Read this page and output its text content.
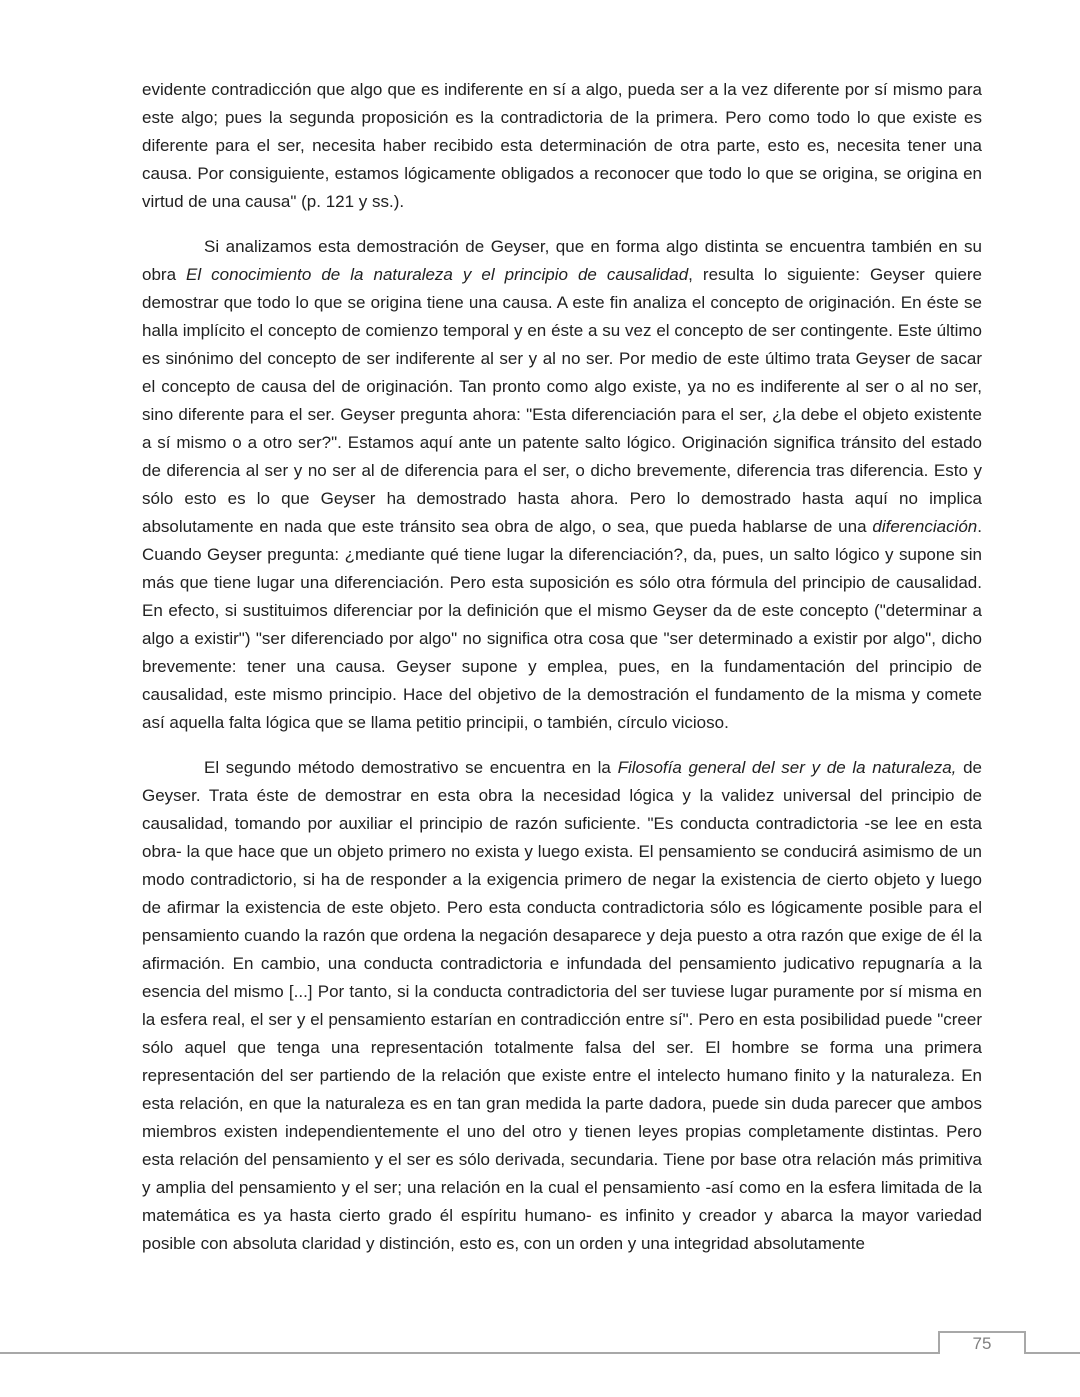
evidente contradicción que algo que es indiferente en sí a algo, pueda ser a la vez diferente por sí mismo para este algo; pues la segunda proposición es la contradictoria de la primera. Pero como todo lo que existe es diferente para el ser, necesita haber recibido esta determinación de otra parte, esto es, necesita tener una causa. Por consiguiente, estamos lógicamente obligados a reconocer que todo lo que se origina, se origina en virtud de una causa" (p. 121 y ss.).

Si analizamos esta demostración de Geyser, que en forma algo distinta se encuentra también en su obra El conocimiento de la naturaleza y el principio de causalidad, resulta lo siguiente: Geyser quiere demostrar que todo lo que se origina tiene una causa. A este fin analiza el concepto de originación. En éste se halla implícito el concepto de comienzo temporal y en éste a su vez el concepto de ser contingente. Este último es sinónimo del concepto de ser indiferente al ser y al no ser. Por medio de este último trata Geyser de sacar el concepto de causa del de originación. Tan pronto como algo existe, ya no es indiferente al ser o al no ser, sino diferente para el ser. Geyser pregunta ahora: "Esta diferenciación para el ser, ¿la debe el objeto existente a sí mismo o a otro ser?". Estamos aquí ante un patente salto lógico. Originación significa tránsito del estado de diferencia al ser y no ser al de diferencia para el ser, o dicho brevemente, diferencia tras diferencia. Esto y sólo esto es lo que Geyser ha demostrado hasta ahora. Pero lo demostrado hasta aquí no implica absolutamente en nada que este tránsito sea obra de algo, o sea, que pueda hablarse de una diferenciación. Cuando Geyser pregunta: ¿mediante qué tiene lugar la diferenciación?, da, pues, un salto lógico y supone sin más que tiene lugar una diferenciación. Pero esta suposición es sólo otra fórmula del principio de causalidad. En efecto, si sustituimos diferenciar por la definición que el mismo Geyser da de este concepto ("determinar a algo a existir") "ser diferenciado por algo" no significa otra cosa que "ser determinado a existir por algo", dicho brevemente: tener una causa. Geyser supone y emplea, pues, en la fundamentación del principio de causalidad, este mismo principio. Hace del objetivo de la demostración el fundamento de la misma y comete así aquella falta lógica que se llama petitio principii, o también, círculo vicioso.

El segundo método demostrativo se encuentra en la Filosofía general del ser y de la naturaleza, de Geyser. Trata éste de demostrar en esta obra la necesidad lógica y la validez universal del principio de causalidad, tomando por auxiliar el principio de razón suficiente. "Es conducta contradictoria -se lee en esta obra- la que hace que un objeto primero no exista y luego exista. El pensamiento se conducirá asimismo de un modo contradictorio, si ha de responder a la exigencia primero de negar la existencia de cierto objeto y luego de afirmar la existencia de este objeto. Pero esta conducta contradictoria sólo es lógicamente posible para el pensamiento cuando la razón que ordena la negación desaparece y deja puesto a otra razón que exige de él la afirmación. En cambio, una conducta contradictoria e infundada del pensamiento judicativo repugnaría a la esencia del mismo [...] Por tanto, si la conducta contradictoria del ser tuviese lugar puramente por sí misma en la esfera real, el ser y el pensamiento estarían en contradicción entre sí". Pero en esta posibilidad puede "creer sólo aquel que tenga una representación totalmente falsa del ser. El hombre se forma una primera representación del ser partiendo de la relación que existe entre el intelecto humano finito y la naturaleza. En esta relación, en que la naturaleza es en tan gran medida la parte dadora, puede sin duda parecer que ambos miembros existen independientemente el uno del otro y tienen leyes propias completamente distintas. Pero esta relación del pensamiento y el ser es sólo derivada, secundaria. Tiene por base otra relación más primitiva y amplia del pensamiento y el ser; una relación en la cual el pensamiento -así como en la esfera limitada de la matemática es ya hasta cierto grado él espíritu humano- es infinito y creador y abarca la mayor variedad posible con absoluta claridad y distinción, esto es, con un orden y una integridad absolutamente

75
